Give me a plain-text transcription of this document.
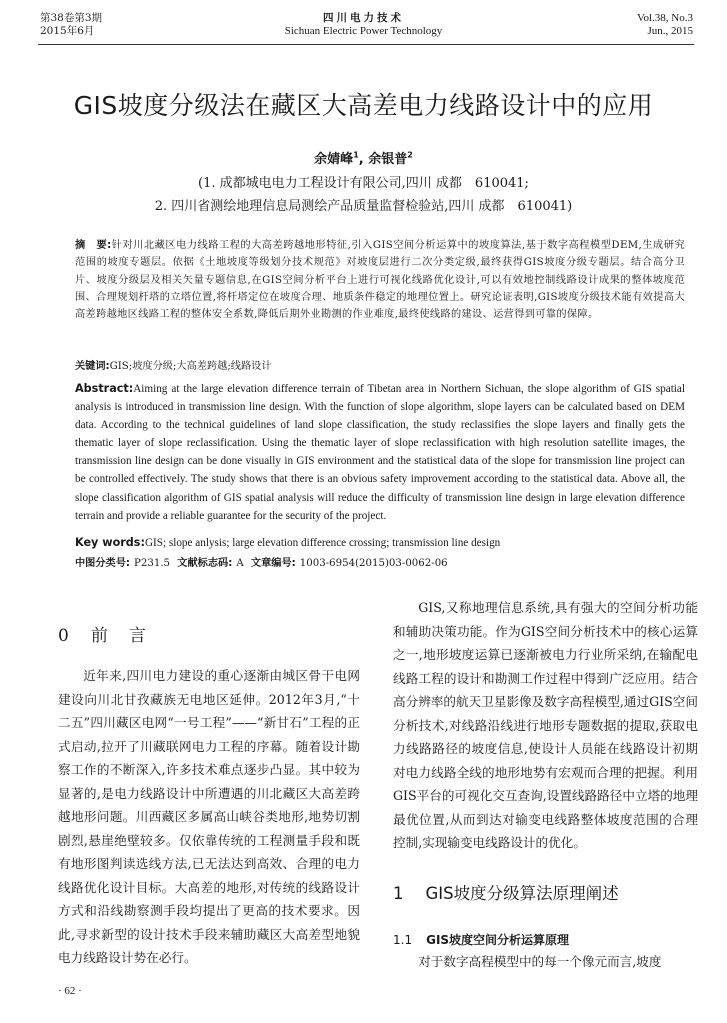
第38卷第3期
2015年6月
四川电力技术
Sichuan Electric Power Technology
Vol.38, No.3
Jun., 2015
GIS坡度分级法在藏区大高差电力线路设计中的应用
余婧峰$^1$, 余银普$^2$
(1. 成都城电电力工程设计有限公司,四川 成都　610041;
2. 四川省测绘地理信息局测绘产品质量监督检验站,四川 成都　610041)
摘　要:针对川北藏区电力线路工程的大高差跨越地形特征,引入GIS空间分析运算中的坡度算法,基于数字高程模型DEM,生成研究范围的坡度专题层。依据《土地坡度等级划分技术规范》对坡度层进行二次分类定级,最终获得GIS坡度分级专题层。结合高分卫片、坡度分级层及相关矢量专题信息,在GIS空间分析平台上进行可视化线路优化设计,可以有效地控制线路设计成果的整体坡度范围、合理规划杆塔的立塔位置,将杆塔定位在坡度合理、地质条件稳定的地理位置上。研究论证表明,GIS坡度分级技术能有效提高大高差跨越地区线路工程的整体安全系数,降低后期外业勘测的作业难度,最终使线路的建设、运营得到可靠的保障。
关键词:GIS;坡度分级;大高差跨越;线路设计
Abstract:Aiming at the large elevation difference terrain of Tibetan area in Northern Sichuan, the slope algorithm of GIS spatial analysis is introduced in transmission line design. With the function of slope algorithm, slope layers can be calculated based on DEM data. According to the technical guidelines of land slope classification, the study reclassifies the slope layers and finally gets the thematic layer of slope reclassification. Using the thematic layer of slope reclassification with high resolution satellite images, the transmission line design can be done visually in GIS environment and the statistical data of the slope for transmission line project can be controlled effectively. The study shows that there is an obvious safety improvement according to the statistical data. Above all, the slope classification algorithm of GIS spatial analysis will reduce the difficulty of transmission line design in large elevation difference terrain and provide a reliable guarantee for the security of the project.
Key words:GIS; slope anlysis; large elevation difference crossing; transmission line design
中图分类号: P231.5 文献标志码: A 文章编号: 1003-6954(2015)03-0062-06
0 前　言
近年来,四川电力建设的重心逐渐由城区骨干电网建设向川北甘孜藏族无电地区延伸。2012年3月,“十二五”四川藏区电网“一号工程”——“新甘石”工程的正式启动,拉开了川藏联网电力工程的序幕。随着设计勘察工作的不断深入,许多技术难点逐步凸显。其中较为显著的,是电力线路设计中所遭遇的川北藏区大高差跨越地形问题。川西藏区多属高山峡谷类地形,地势切割剧烈,悬崖绝壁较多。仅依靠传统的工程测量手段和既有地形图判读选线方法,已无法达到高效、合理的电力线路优化设计目标。大高差的地形,对传统的线路设计方式和沿线勘察测手段均提出了更高的技术要求。因此,寻求新型的设计技术手段来辅助藏区大高差型地貌电力线路设计势在必行。
GIS,又称地理信息系统,具有强大的空间分析功能和辅助决策功能。作为GIS空间分析技术中的核心运算之一,地形坡度运算已逐渐被电力行业所采纳,在输配电线路工程的设计和勘测工作过程中得到广泛应用。结合高分辨率的航天卫星影像及数字高程模型,通过GIS空间分析技术,对线路沿线进行地形专题数据的提取,获取电力线路路径的坡度信息,使设计人员能在线路设计初期对电力线路全线的地形地势有宏观而合理的把握。利用GIS平台的可视化交互查询,设置线路路径中立塔的地理最优位置,从而到达对输变电线路整体坡度范围的合理控制,实现输变电线路设计的优化。
1 GIS坡度分级算法原理阐述
1.1 GIS坡度空间分析运算原理
对于数字高程模型中的每一个像元而言,坡度
· 62 ·
